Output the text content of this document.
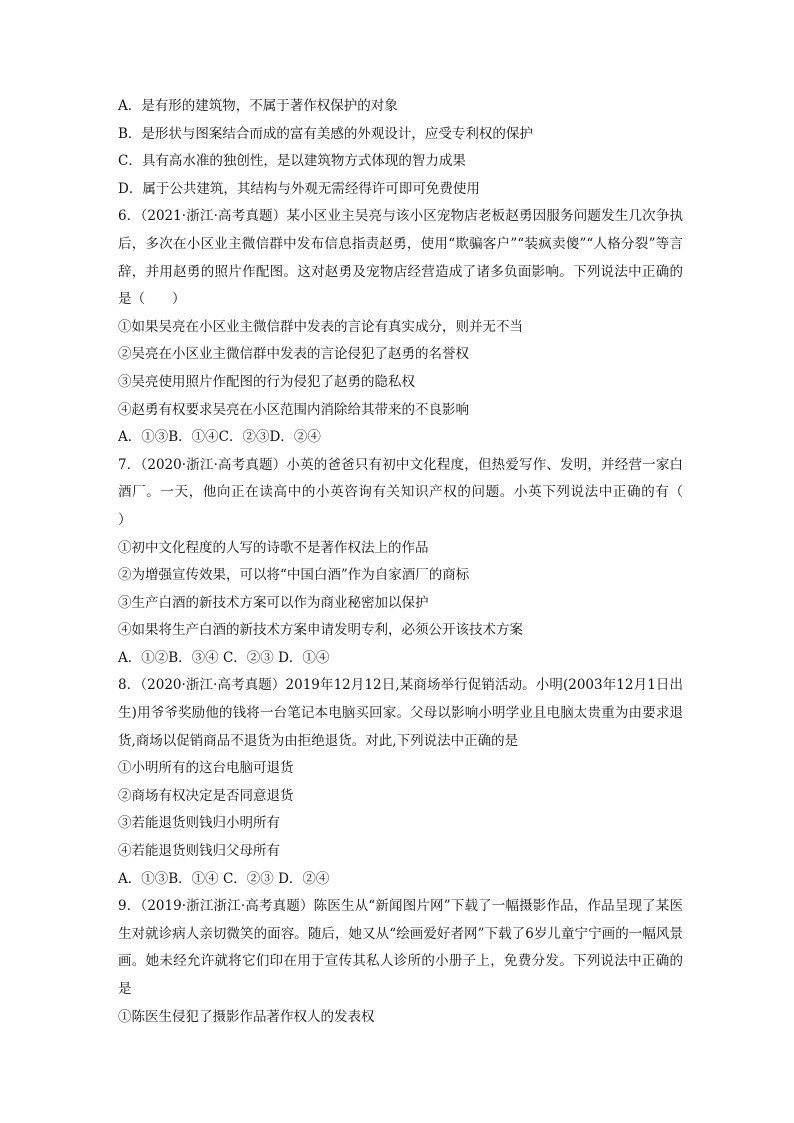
A．是有形的建筑物，不属于著作权保护的对象
B．是形状与图案结合而成的富有美感的外观设计，应受专利权的保护
C．具有高水准的独创性，是以建筑物方式体现的智力成果
D．属于公共建筑，其结构与外观无需经得许可即可免费使用
6．（2021·浙江·高考真题）某小区业主吴亮与该小区宠物店老板赵勇因服务问题发生几次争执后，多次在小区业主微信群中发布信息指责赵勇，使用“欺骗客户”“装疯卖傻”“人格分裂”等言辞，并用赵勇的照片作配图。这对赵勇及宠物店经营造成了诸多负面影响。下列说法中正确的是（　　）
①如果吴亮在小区业主微信群中发表的言论有真实成分，则并无不当
②吴亮在小区业主微信群中发表的言论侵犯了赵勇的名誉权
③吴亮使用照片作配图的行为侵犯了赵勇的隐私权
④赵勇有权要求吴亮在小区范围内消除给其带来的不良影响
A．①③B．①④C．②③D．②④
7．（2020·浙江·高考真题）小英的爸爸只有初中文化程度，但热爱写作、发明，并经营一家白酒厂。一天，他向正在读高中的小英咨询有关知识产权的问题。小英下列说法中正确的有（　　）
①初中文化程度的人写的诗歌不是著作权法上的作品
②为增强宣传效果，可以将“中国白酒”作为自家酒厂的商标
③生产白酒的新技术方案可以作为商业秘密加以保护
④如果将生产白酒的新技术方案申请发明专利，必须公开该技术方案
A．①②B．③④ C．②③ D．①④
8．（2020·浙江·高考真题）2019年12月12日,某商场举行促销活动。小明(2003年12月1日出生)用爷爷奖励他的钱将一台笔记本电脑买回家。父母以影响小明学业且电脑太贵重为由要求退货,商场以促销商品不退货为由拒绝退货。对此,下列说法中正确的是
①小明所有的这台电脑可退货
②商场有权决定是否同意退货
③若能退货则钱归小明所有
④若能退货则钱归父母所有
A．①③B．①④ C．②③ D．②④
9．（2019·浙江浙江·高考真题）陈医生从“新闻图片网”下载了一幅摄影作品，作品呈现了某医生对就诊病人亲切微笑的面容。随后，她又从“绘画爱好者网”下载了6岁儿童宁宁画的一幅风景画。她未经允许就将它们印在用于宣传其私人诊所的小册子上，免费分发。下列说法中正确的是
①陈医生侵犯了摄影作品著作权人的发表权
